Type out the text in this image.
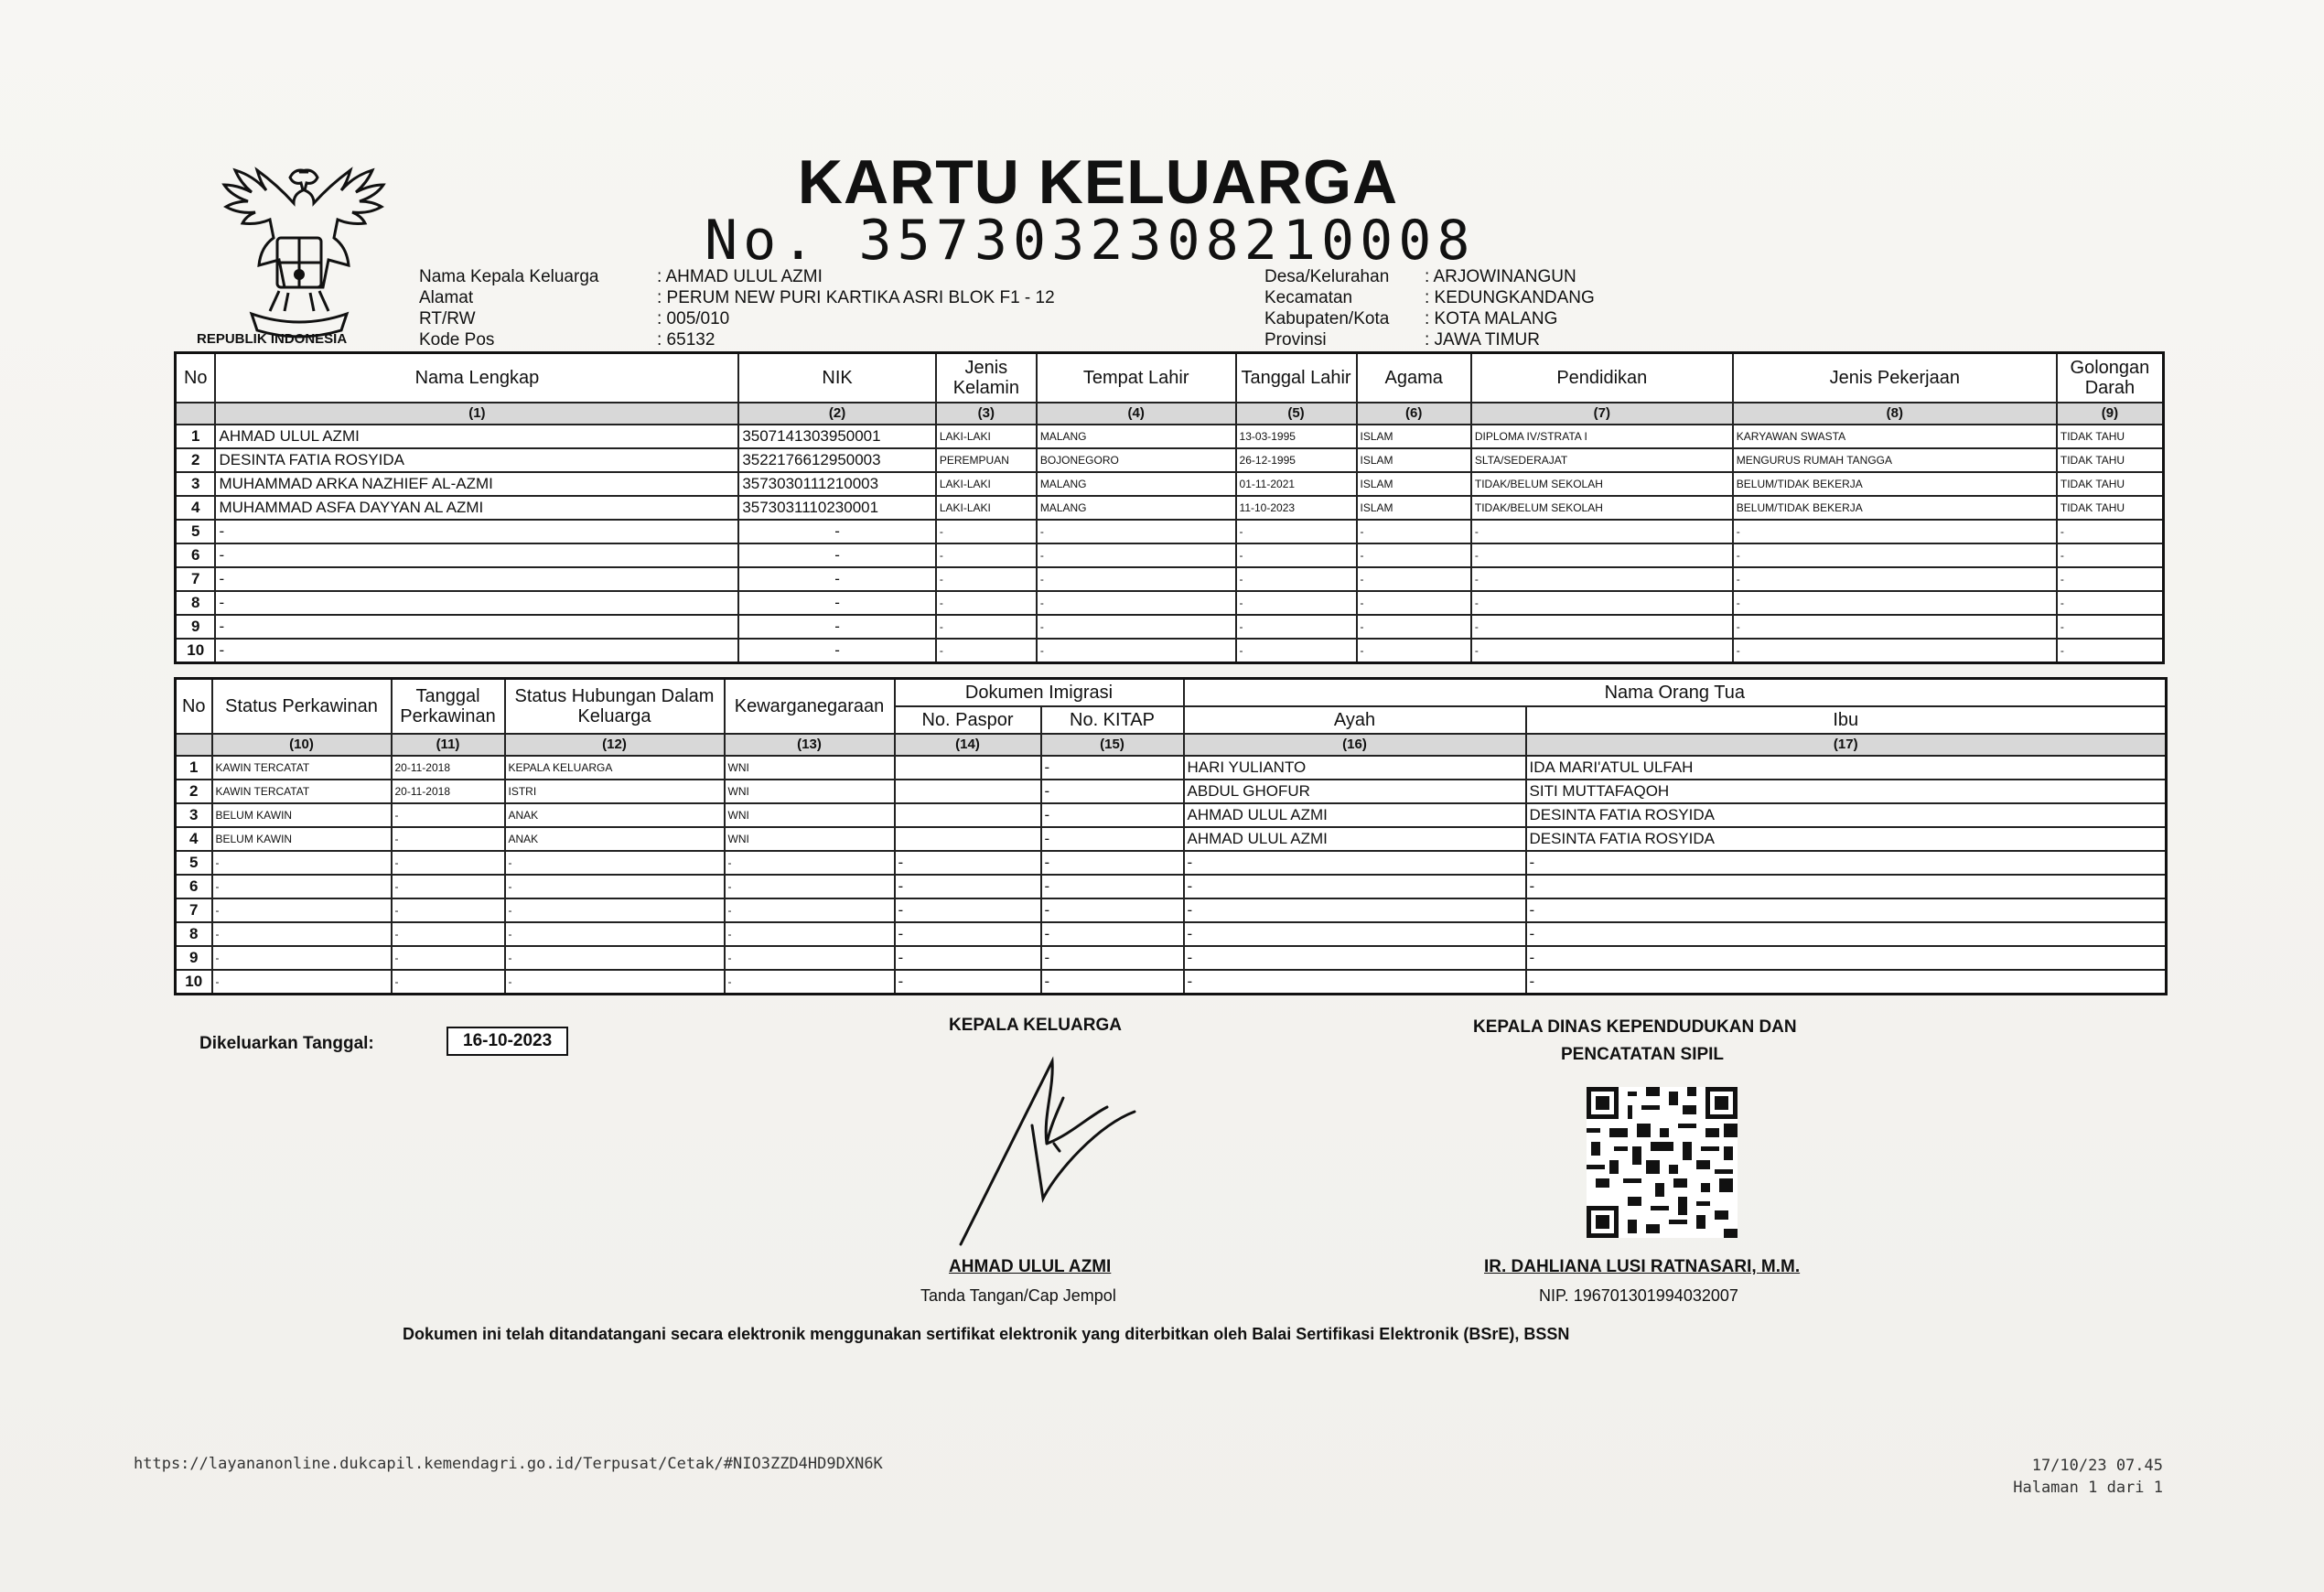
REPUBLIK INDONESIA
KARTU KELUARGA
No. 3573032308210008
Nama Kepala Keluarga	: AHMAD ULUL AZMI
Alamat	: PERUM NEW PURI KARTIKA ASRI BLOK F1 - 12
RT/RW	: 005/010
Kode Pos	: 65132
Desa/Kelurahan : ARJOWINANGUN
Kecamatan	: KEDUNGKANDANG
Kabupaten/Kota : KOTA MALANG
Provinsi	: JAWA TIMUR
No	Nama Lengkap	NIK	Jenis Kelamin	Tempat Lahir	Tanggal Lahir	Agama	Pendidikan	Jenis Pekerjaan	Golongan Darah
	(1)	(2)	(3)	(4)	(5)	(6)	(7)	(8)	(9)
1	AHMAD ULUL AZMI	3507141303950001	LAKI-LAKI	MALANG	13-03-1995	ISLAM	DIPLOMA IV/STRATA I	KARYAWAN SWASTA	TIDAK TAHU
2	DESINTA FATIA ROSYIDA	3522176612950003	PEREMPUAN	BOJONEGORO	26-12-1995	ISLAM	SLTA/SEDERAJAT	MENGURUS RUMAH TANGGA	TIDAK TAHU
3	MUHAMMAD ARKA NAZHIEF AL-AZMI	3573030111210003	LAKI-LAKI	MALANG	01-11-2021	ISLAM	TIDAK/BELUM SEKOLAH	BELUM/TIDAK BEKERJA	TIDAK TAHU
4	MUHAMMAD ASFA DAYYAN AL AZMI	3573031110230001	LAKI-LAKI	MALANG	11-10-2023	ISLAM	TIDAK/BELUM SEKOLAH	BELUM/TIDAK BEKERJA	TIDAK TAHU
5	-	-	-	-	-	-	-	-	-
6	-	-	-	-	-	-	-	-	-
7	-	-	-	-	-	-	-	-	-
8	-	-	-	-	-	-	-	-	-
9	-	-	-	-	-	-	-	-	-
10	-	-	-	-	-	-	-	-	-
No	Status Perkawinan	Tanggal Perkawinan	Status Hubungan Dalam Keluarga	Kewarganegaraan	Dokumen Imigrasi		Nama Orang Tua	
					No. Paspor	No. KITAP	Ayah	Ibu
	(10)	(11)	(12)	(13)	(14)	(15)	(16)	(17)
1	KAWIN TERCATAT	20-11-2018	KEPALA KELUARGA	WNI		-	HARI YULIANTO	IDA MARI'ATUL ULFAH
2	KAWIN TERCATAT	20-11-2018	ISTRI	WNI		-	ABDUL GHOFUR	SITI MUTTAFAQOH
3	BELUM KAWIN	-	ANAK	WNI		-	AHMAD ULUL AZMI	DESINTA FATIA ROSYIDA
4	BELUM KAWIN	-	ANAK	WNI		-	AHMAD ULUL AZMI	DESINTA FATIA ROSYIDA
5	-	-	-	-	-	-	-	-
6	-	-	-	-	-	-	-	-
7	-	-	-	-	-	-	-	-
8	-	-	-	-	-	-	-	-
9	-	-	-	-	-	-	-	-
10	-	-	-	-	-	-	-	-
Dikeluarkan Tanggal:	16-10-2023
KEPALA KELUARGA
AHMAD ULUL AZMI
Tanda Tangan/Cap Jempol
KEPALA DINAS KEPENDUDUKAN DAN
PENCATATAN SIPIL
IR. DAHLIANA LUSI RATNASARI, M.M.
NIP. 196701301994032007
Dokumen ini telah ditandatangani secara elektronik menggunakan sertifikat elektronik yang diterbitkan oleh Balai Sertifikasi Elektronik (BSrE), BSSN
https://layananonline.dukcapil.kemendagri.go.id/Terpusat/Cetak/#NIO3ZZD4HD9DXN6K	17/10/23 07.45
Halaman 1 dari 1
